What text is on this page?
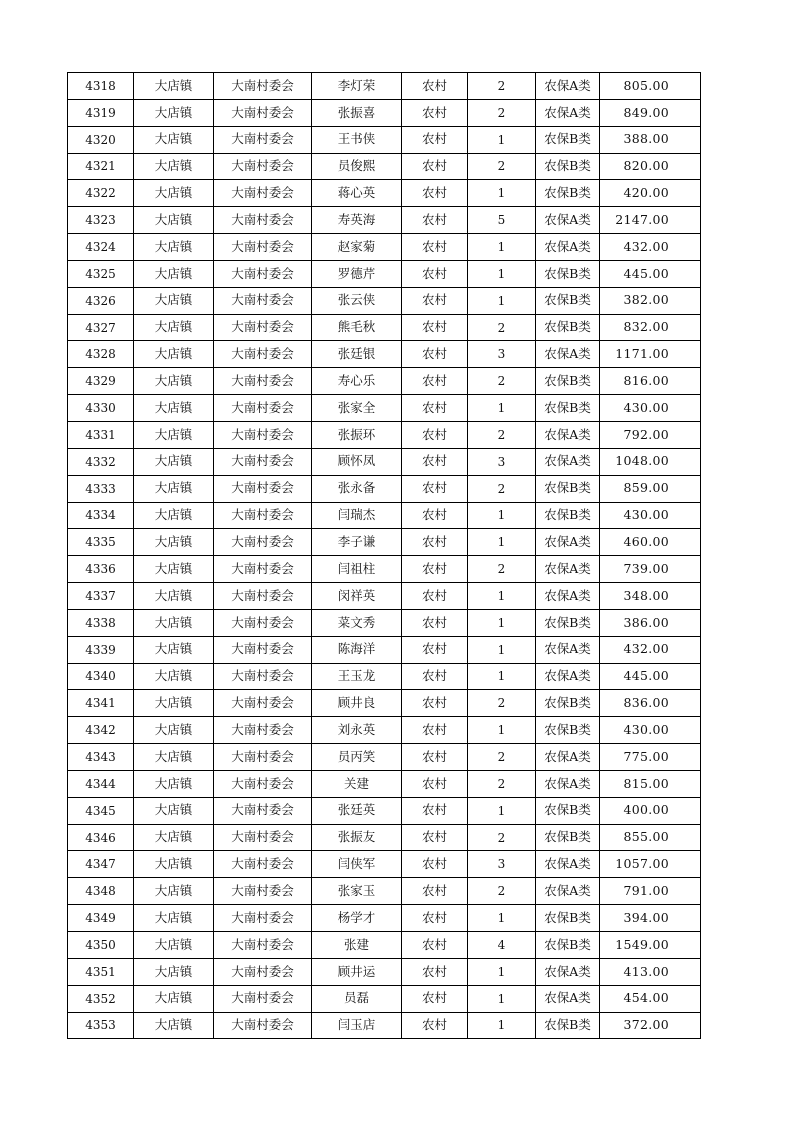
4318	大店镇	大南村委会	李灯荣	农村	2	农保A类	805.00
4319	大店镇	大南村委会	张振喜	农村	2	农保A类	849.00
4320	大店镇	大南村委会	王书侠	农村	1	农保B类	388.00
4321	大店镇	大南村委会	员俊熙	农村	2	农保B类	820.00
4322	大店镇	大南村委会	蒋心英	农村	1	农保B类	420.00
4323	大店镇	大南村委会	寿英海	农村	5	农保A类	2147.00
4324	大店镇	大南村委会	赵家菊	农村	1	农保A类	432.00
4325	大店镇	大南村委会	罗德芹	农村	1	农保B类	445.00
4326	大店镇	大南村委会	张云侠	农村	1	农保B类	382.00
4327	大店镇	大南村委会	熊毛秋	农村	2	农保B类	832.00
4328	大店镇	大南村委会	张廷银	农村	3	农保A类	1171.00
4329	大店镇	大南村委会	寿心乐	农村	2	农保B类	816.00
4330	大店镇	大南村委会	张家全	农村	1	农保B类	430.00
4331	大店镇	大南村委会	张振环	农村	2	农保A类	792.00
4332	大店镇	大南村委会	顾怀凤	农村	3	农保A类	1048.00
4333	大店镇	大南村委会	张永备	农村	2	农保B类	859.00
4334	大店镇	大南村委会	闫瑞杰	农村	1	农保B类	430.00
4335	大店镇	大南村委会	李子谦	农村	1	农保A类	460.00
4336	大店镇	大南村委会	闫祖柱	农村	2	农保A类	739.00
4337	大店镇	大南村委会	闵祥英	农村	1	农保A类	348.00
4338	大店镇	大南村委会	菜文秀	农村	1	农保B类	386.00
4339	大店镇	大南村委会	陈海洋	农村	1	农保A类	432.00
4340	大店镇	大南村委会	王玉龙	农村	1	农保A类	445.00
4341	大店镇	大南村委会	顾井良	农村	2	农保B类	836.00
4342	大店镇	大南村委会	刘永英	农村	1	农保B类	430.00
4343	大店镇	大南村委会	员丙笑	农村	2	农保A类	775.00
4344	大店镇	大南村委会	关建	农村	2	农保A类	815.00
4345	大店镇	大南村委会	张廷英	农村	1	农保B类	400.00
4346	大店镇	大南村委会	张振友	农村	2	农保B类	855.00
4347	大店镇	大南村委会	闫侠军	农村	3	农保A类	1057.00
4348	大店镇	大南村委会	张家玉	农村	2	农保A类	791.00
4349	大店镇	大南村委会	杨学才	农村	1	农保B类	394.00
4350	大店镇	大南村委会	张建	农村	4	农保B类	1549.00
4351	大店镇	大南村委会	顾井运	农村	1	农保A类	413.00
4352	大店镇	大南村委会	员磊	农村	1	农保A类	454.00
4353	大店镇	大南村委会	闫玉店	农村	1	农保B类	372.00
